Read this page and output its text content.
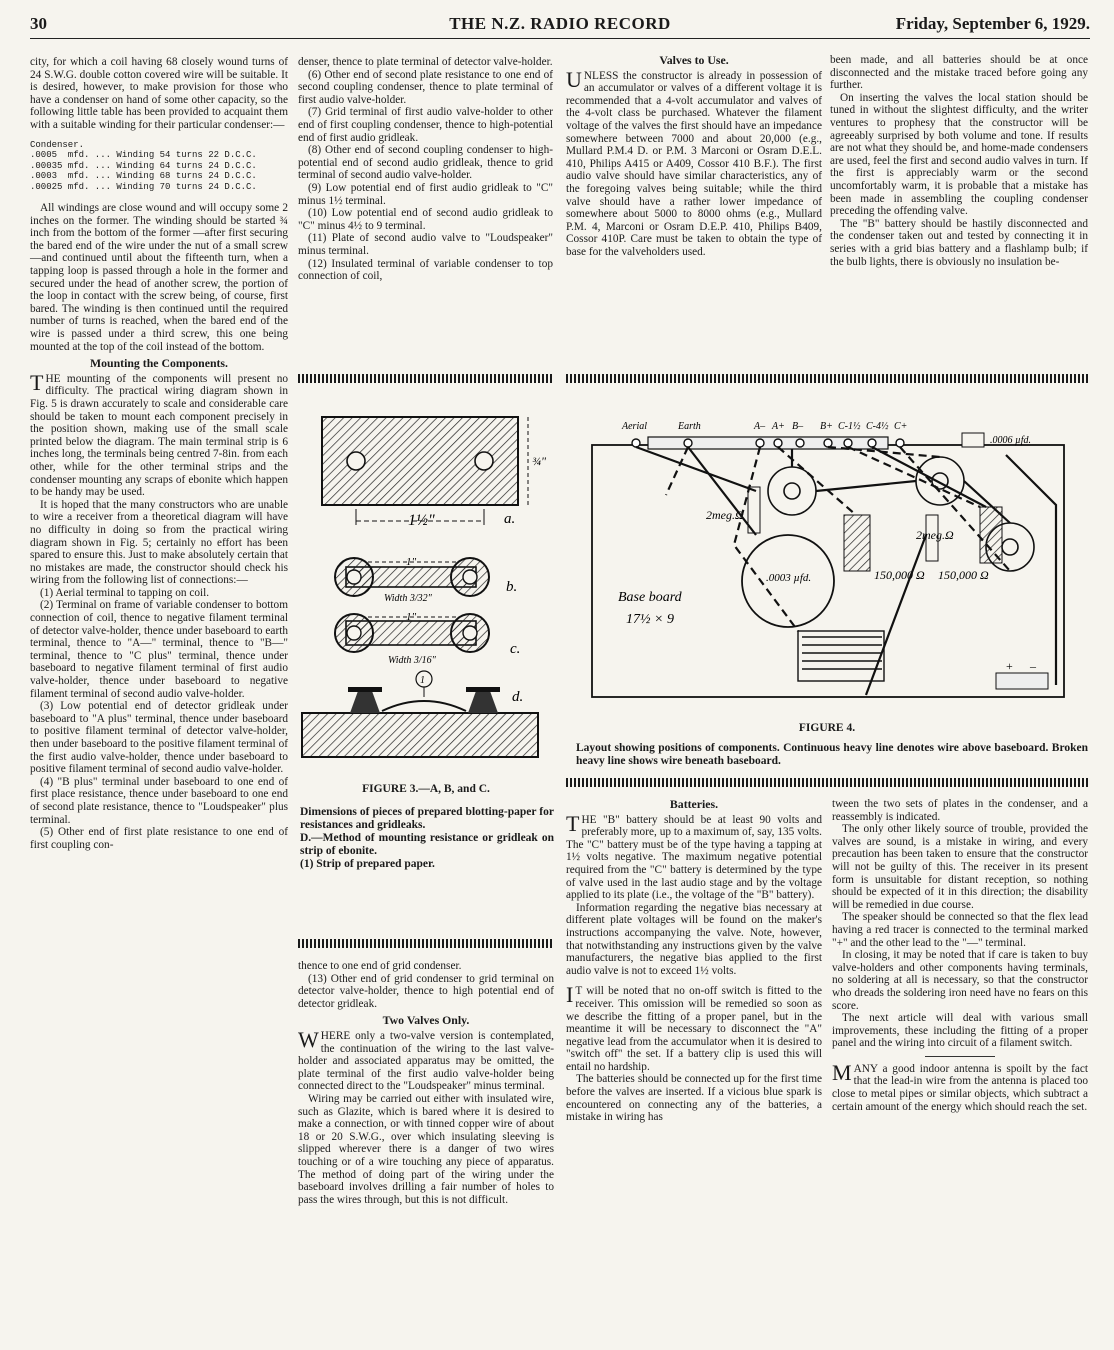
30	THE N.Z. RADIO RECORD	Friday, September 6, 1929.

city, for which a coil having 68 closely wound turns of 24 S.W.G. double cotton covered wire will be suitable. It is desired, however, to make provision for those who have a condenser on hand of some other capacity, so the following little table has been provided to acquaint them with a suitable winding for their particular condenser:—

Condenser.
.0005  mfd. ... Winding 54 turns 22 D.C.C.
.00035 mfd. ... Winding 64 turns 24 D.C.C.
.0003  mfd. ... Winding 68 turns 24 D.C.C.
.00025 mfd. ... Winding 70 turns 24 D.C.C.

All windings are close wound and will occupy some 2 inches on the former. The winding should be started ¾ inch from the bottom of the former —after first securing the bared end of the wire under the nut of a small screw—and continued until about the fifteenth turn, when a tapping loop is passed through a hole in the former and secured under the head of another screw, the portion of the loop in contact with the screw being, of course, first bared. The winding is then continued until the required number of turns is reached, when the bared end of the wire is passed under a third screw, this one being mounted at the top of the coil instead of the bottom.

Mounting the Components.

THE mounting of the components will present no difficulty. The practical wiring diagram shown in Fig. 5 is drawn accurately to scale and considerable care should be taken to mount each component precisely in the position shown, making use of the small scale printed below the diagram. The main terminal strip is 6 inches long, the terminals being centred 7-8in. from each other, while for the other terminal strips and the condenser mounting any scraps of ebonite which happen to be handy may be used.

It is hoped that the many constructors who are unable to wire a receiver from a theoretical diagram will have no difficulty in doing so from the practical wiring diagram shown in Fig. 5; certainly no effort has been spared to ensure this. Just to make absolutely certain that no mistakes are made, the constructor should check his wiring from the following list of connections:—

(1) Aerial terminal to tapping on coil.

(2) Terminal on frame of variable condenser to bottom connection of coil, thence to negative filament terminal of detector valve-holder, thence under baseboard to earth terminal, thence to "A—" terminal, thence to "B—" terminal, thence to "C plus" terminal, thence under baseboard to negative filament terminal of first audio valve-holder, thence under baseboard to negative filament terminal of second audio valve-holder.

(3) Low potential end of detector gridleak under baseboard to "A plus" terminal, thence under baseboard to positive filament terminal of detector valve-holder, then under baseboard to the positive filament terminal of the first audio valve-holder, thence under baseboard to positive filament terminal of second audio valve-holder.

(4) "B plus" terminal under baseboard to one end of first place resistance, thence under baseboard to one end of second plate resistance, thence to "Loudspeaker" plus terminal.

(5) Other end of first plate resistance to one end of first coupling con-

denser, thence to plate terminal of detector valve-holder.

(6) Other end of second plate resistance to one end of second coupling condenser, thence to plate terminal of first audio valve-holder.

(7) Grid terminal of first audio valve-holder to other end of first coupling condenser, thence to high-potential end of first audio gridleak.

(8) Other end of second coupling condenser to high-potential end of second audio gridleak, thence to grid terminal of second audio valve-holder.

(9) Low potential end of first audio gridleak to "C" minus 1½ terminal.

(10) Low potential end of second audio gridleak to "C" minus 4½ to 9 terminal.

(11) Plate of second audio valve to "Loudspeaker" minus terminal.

(12) Insulated terminal of variable condenser to top connection of coil,

¾"
1½"	a.
1"
Width 3/32"
b.
1"
Width 3/16"
c.
1
d.
FIGURE 3.—A, B, and C.
Dimensions of pieces of prepared blotting-paper for resistances and gridleaks.
D.—Method of mounting resistance or gridleak on strip of ebonite.
(1) Strip of prepared paper.

thence to one end of grid condenser.

(13) Other end of grid condenser to grid terminal on detector valve-holder, thence to high potential end of detector gridleak.

Two Valves Only.

WHERE only a two-valve version is contemplated, the continuation of the wiring to the last valve-holder and associated apparatus may be omitted, the plate terminal of the first audio valve-holder being connected direct to the "Loudspeaker" minus terminal.

Wiring may be carried out either with insulated wire, such as Glazite, which is bared where it is desired to make a connection, or with tinned copper wire of about 18 or 20 S.W.G., over which insulating sleeving is slipped wherever there is a danger of two wires touching or of a wire touching any piece of apparatus. The method of doing part of the wiring under the baseboard involves drilling a fair number of holes to pass the wires through, but this is not difficult.

Valves to Use.

UNLESS the constructor is already in possession of an accumulator or valves of a different voltage it is recommended that a 4-volt accumulator and valves of the 4-volt class be purchased. Whatever the filament voltage of the valves the first should have an impedance somewhere between 7000 and about 20,000 (e.g., Mullard P.M.4 D. or P.M. 3 Marconi or Osram D.E.L. 410, Philips A415 or A409, Cossor 410 B.F.). The first audio valve should have similar characteristics, any of the foregoing valves being suitable; while the third valve should have a rather lower impedance of somewhere about 5000 to 8000 ohms (e.g., Mullard P.M. 4, Marconi or Osram D.E.P. 410, Philips B409, Cossor 410P. Care must be taken to obtain the type of base for the valveholders used.

been made, and all batteries should be at once disconnected and the mistake traced before going any further.

On inserting the valves the local station should be tuned in without the slightest difficulty, and the writer ventures to prophesy that the constructor will be agreeably surprised by both volume and tone. If results are not what they should be, and home-made condensers are used, feel the first and second audio valves in turn. If the first is appreciably warm or the second uncomfortably warm, it is probable that a mistake has been made in assembling the coupling condenser preceding the offending valve.

The "B" battery should be hastily disconnected and the condenser taken out and tested by connecting it in series with a grid bias battery and a flashlamp bulb; if the bulb lights, there is obviously no insulation be-

Aerial	Earth	A– A+ B– B+ C-1½ C-4½ C+
.0003 µfd.
.0006 µfd.
2meg.Ω
2meg.Ω
150,000 Ω 150,000 Ω
Base board
17½ × 9
+ –
FIGURE 4.
Layout showing positions of components. Continuous heavy line denotes wire above baseboard. Broken heavy line shows wire beneath baseboard.
Batteries.

THE "B" battery should be at least 90 volts and preferably more, up to a maximum of, say, 135 volts. The "C" battery must be of the type having a tapping at 1½ volts negative. The maximum negative potential required from the "C" battery is determined by the type of valve used in the last audio stage and by the voltage applied to its plate (i.e., the voltage of the "B" battery).

Information regarding the negative bias necessary at different plate voltages will be found on the maker's instructions accompanying the valve. Note, however, that notwithstanding any instructions given by the valve manufacturers, the negative bias applied to the first audio valve is not to exceed 1½ volts.

IT will be noted that no on-off switch is fitted to the receiver. This omission will be remedied so soon as we describe the fitting of a proper panel, but in the meantime it will be necessary to disconnect the "A" negative lead from the accumulator when it is desired to "switch off" the set. If a battery clip is used this will entail no hardship.

The batteries should be connected up for the first time before the valves are inserted. If a vicious blue spark is encountered on connecting any of the batteries, a mistake in wiring has

tween the two sets of plates in the condenser, and a reassembly is indicated.

The only other likely source of trouble, provided the valves are sound, is a mistake in wiring, and every precaution has been taken to ensure that the constructor will not be guilty of this. The receiver in its present form is unsuitable for distant reception, so nothing should be expected of it in this direction; the disability will be remedied in due course.

The speaker should be connected so that the flex lead having a red tracer is connected to the terminal marked "+" and the other lead to the "—" terminal.

In closing, it may be noted that if care is taken to buy valve-holders and other components having terminals, no soldering at all is necessary, so that the constructor who dreads the soldering iron need have no fears on this score.

The next article will deal with various small improvements, these including the fitting of a proper panel and the wiring into circuit of a filament switch.

MANY a good indoor antenna is spoilt by the fact that the lead-in wire from the antenna is placed too close to metal pipes or similar objects, which subtract a certain amount of the energy which should reach the set.
